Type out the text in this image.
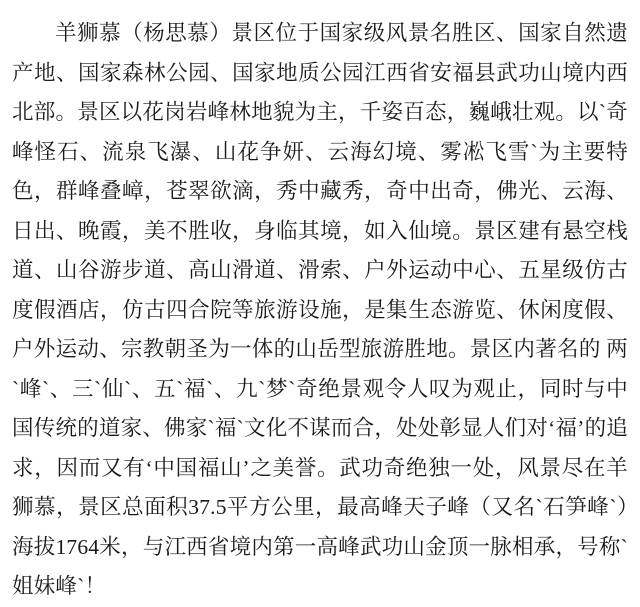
羊狮慕（杨思慕）景区位于国家级风景名胜区、国家自然遗产地、国家森林公园、国家地质公园江西省安福县武功山境内西北部。景区以花岗岩峰林地貌为主，千姿百态，巍峨壮观。以`奇峰怪石、流泉飞瀑、山花争妍、云海幻境、雾凇飞雪`为主要特色，群峰叠嶂，苍翠欲滴，秀中藏秀，奇中出奇，佛光、云海、日出、晚霞，美不胜收，身临其境，如入仙境。景区建有悬空栈道、山谷游步道、高山滑道、滑索、户外运动中心、五星级仿古度假酒店，仿古四合院等旅游设施，是集生态游览、休闲度假、户外运动、宗教朝圣为一体的山岳型旅游胜地。景区内著名的 两`峰`、三`仙`、五`福`、九`梦`奇绝景观令人叹为观止，同时与中国传统的道家、佛家`福`文化不谋而合，处处彰显人们对‘福’的追求，因而又有‘中国福山’之美誉。武功奇绝独一处，风景尽在羊狮慕，景区总面积37.5平方公里，最高峰天子峰（又名`石笋峰`）海拔1764米，与江西省境内第一高峰武功山金顶一脉相承，号称`姐妹峰`！
